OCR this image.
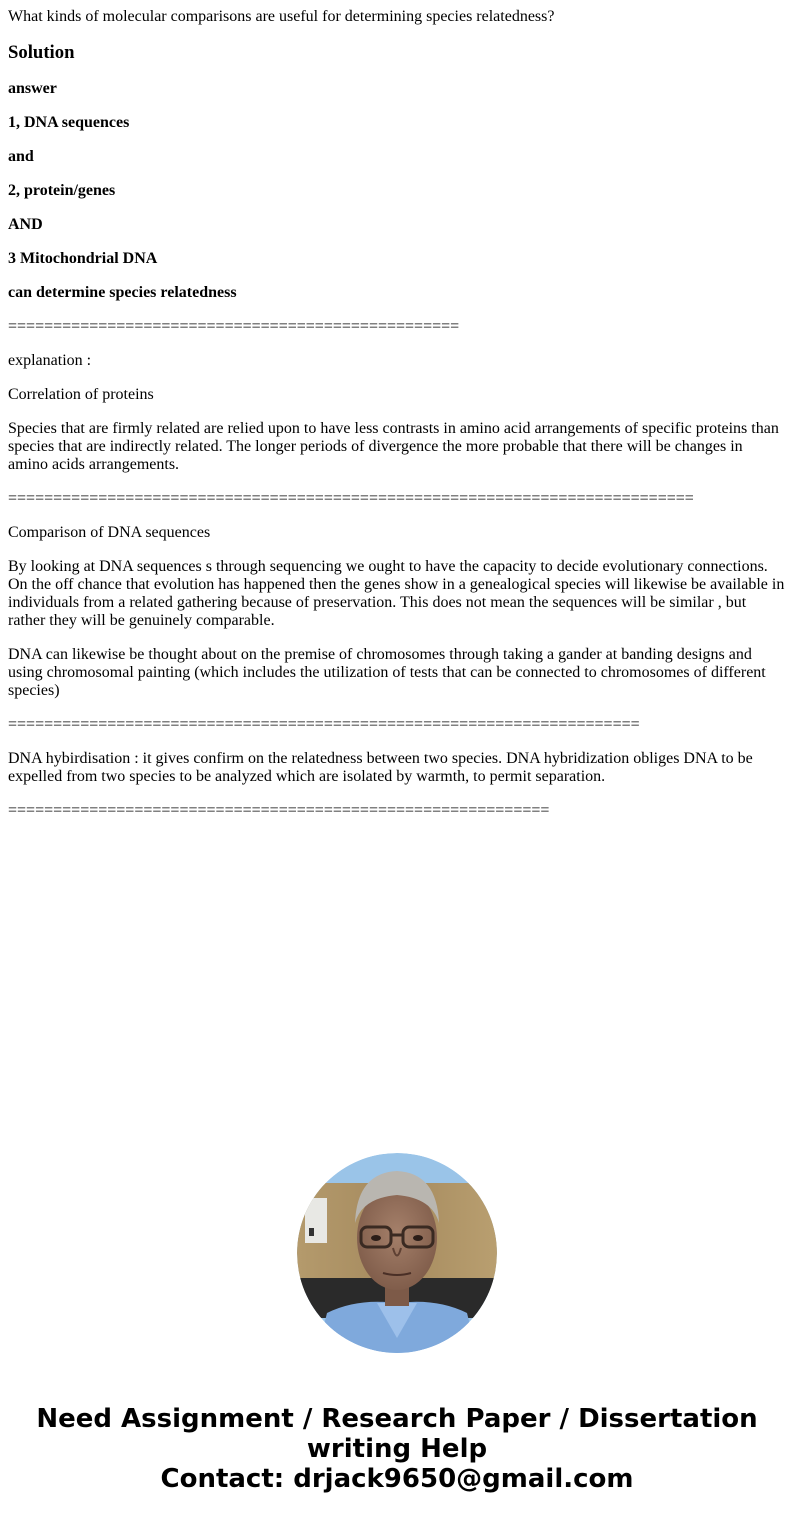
What kinds of molecular comparisons are useful for determining species relatedness?

Solution

answer

1, DNA sequences

and

2, protein/genes

AND

3 Mitochondrial DNA

can determine species relatedness

==================================================

explanation :

Correlation of proteins

Species that are firmly related are relied upon to have less contrasts in amino acid arrangements of specific proteins than species that are indirectly related. The longer periods of divergence the more probable that there will be changes in amino acids arrangements.

============================================================================

Comparison of DNA sequences

By looking at DNA sequences s through sequencing we ought to have the capacity to decide evolutionary connections. On the off chance that evolution has happened then the genes show in a genealogical species will likewise be available in individuals from a related gathering because of preservation. This does not mean the sequences will be similar , but rather they will be genuinely comparable.

DNA can likewise be thought about on the premise of chromosomes through taking a gander at banding designs and using chromosomal painting (which includes the utilization of tests that can be connected to chromosomes of different species)

======================================================================

DNA hybirdisation : it gives confirm on the relatedness between two species. DNA hybridization obliges DNA to be expelled from two species to be analyzed which are isolated by warmth, to permit separation.

============================================================

Need Assignment / Research Paper / Dissertation
writing Help
Contact: drjack9650@gmail.com
